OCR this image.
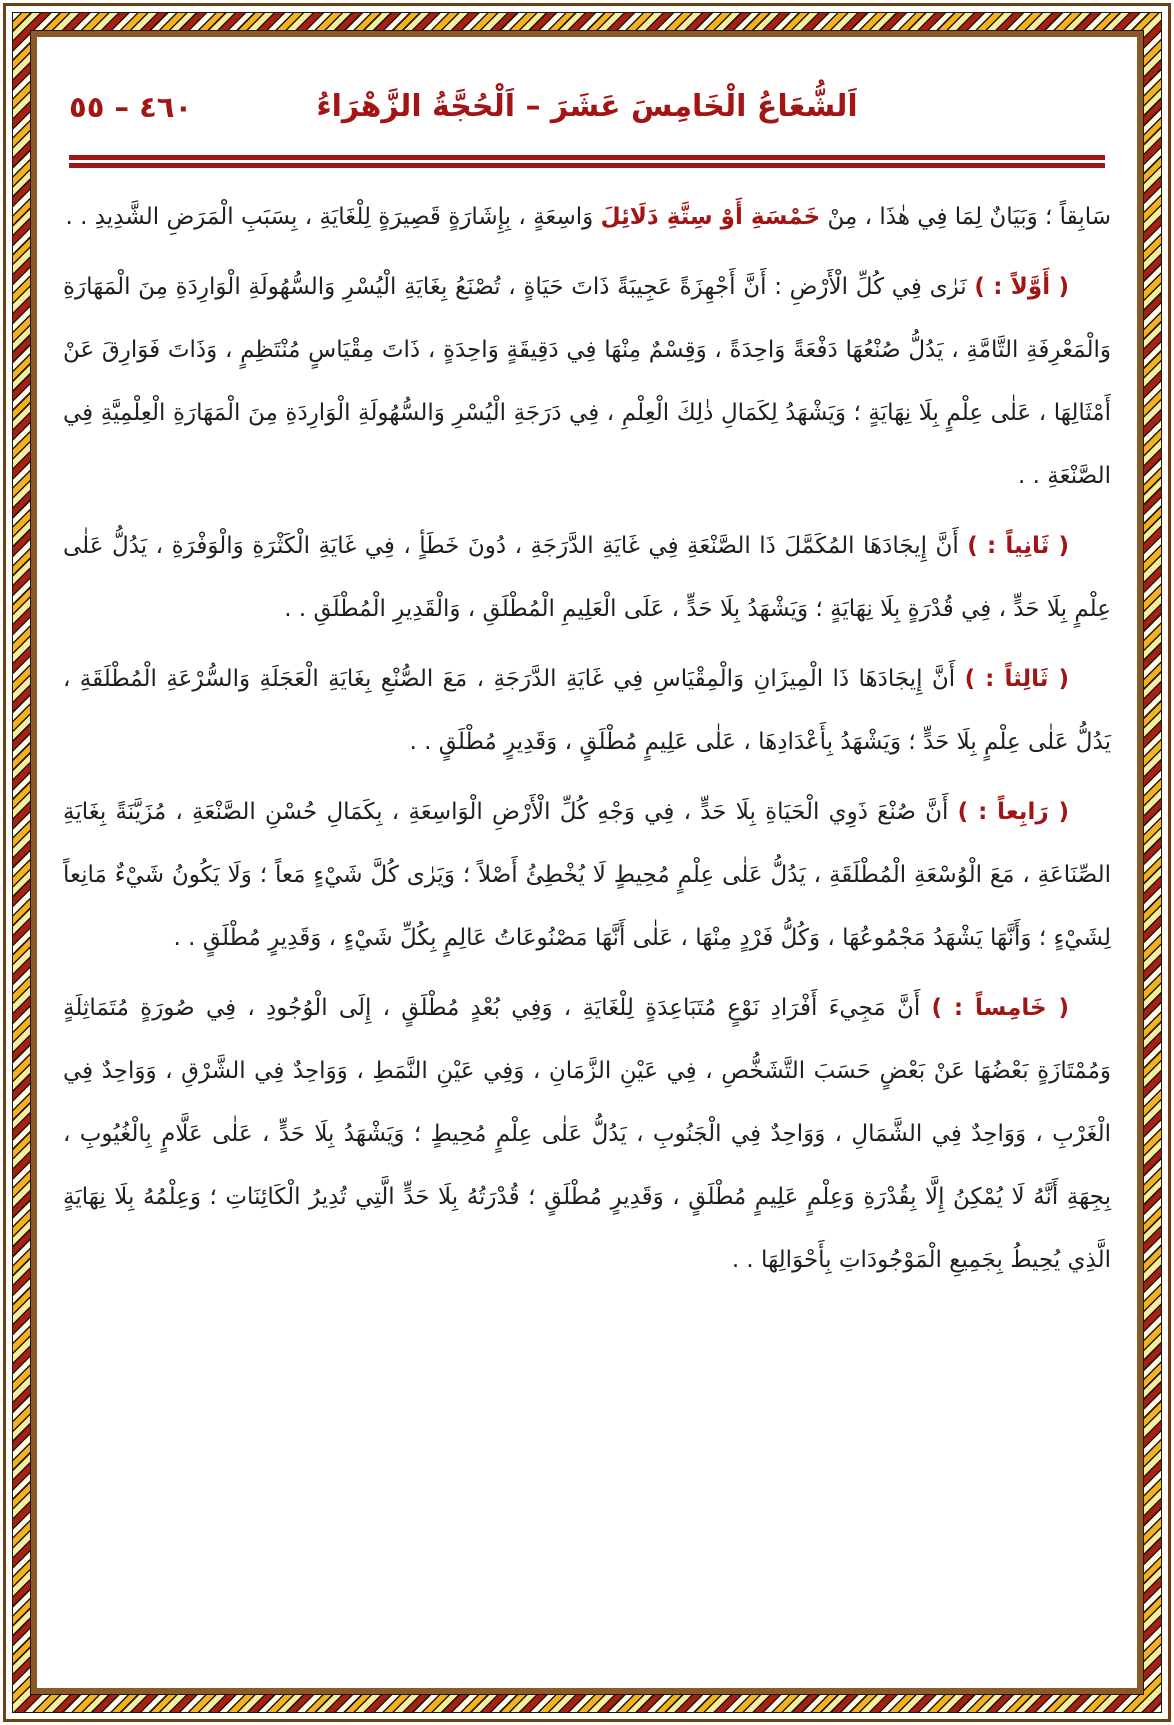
اَلشُّعَاعُ الْخَامِسَ عَشَرَ – اَلْحُجَّةُ الزَّهْرَاءُ
٤٦٠ – ٥٥

سَابِقاً ؛ وَبَيَانٌ لِمَا فِي هٰذَا ، مِنْ خَمْسَةِ أَوْ سِتَّةِ دَلَائِلَ وَاسِعَةٍ ، بِإِشَارَةٍ قَصِيرَةٍ لِلْغَايَةِ ، بِسَبَبِ الْمَرَضِ الشَّدِيدِ . .

( أَوَّلاً : ) نَرٰى فِي كُلِّ الْأَرْضِ : أَنَّ أَجْهِزَةً عَجِيبَةً ذَاتَ حَيَاةٍ ، تُصْنَعُ بِغَايَةِ الْيُسْرِ وَالسُّهُولَةِ الْوَارِدَةِ مِنَ الْمَهَارَةِ وَالْمَعْرِفَةِ التَّامَّةِ ، يَدُلُّ صُنْعُهَا دَفْعَةً وَاحِدَةً ، وَقِسْمٌ مِنْهَا فِي دَقِيقَةٍ وَاحِدَةٍ ، ذَاتَ مِقْيَاسٍ مُنْتَظِمٍ ، وَذَاتَ فَوَارِقَ عَنْ أَمْثَالِهَا ، عَلٰى عِلْمٍ بِلَا نِهَايَةٍ ؛ وَيَشْهَدُ لِكَمَالِ ذٰلِكَ الْعِلْمِ ، فِي دَرَجَةِ الْيُسْرِ وَالسُّهُولَةِ الْوَارِدَةِ مِنَ الْمَهَارَةِ الْعِلْمِيَّةِ فِي الصَّنْعَةِ . .

( ثَانِياً : ) أَنَّ إِيجَادَهَا المُكَمَّلَ ذَا الصَّنْعَةِ فِي غَايَةِ الدَّرَجَةِ ، دُونَ خَطَأٍ ، فِي غَايَةِ الْكَثْرَةِ وَالْوَفْرَةِ ، يَدُلُّ عَلٰى عِلْمٍ بِلَا حَدٍّ ، فِي قُدْرَةٍ بِلَا نِهَايَةٍ ؛ وَيَشْهَدُ بِلَا حَدٍّ ، عَلَى الْعَلِيمِ الْمُطْلَقِ ، وَالْقَدِيرِ الْمُطْلَقِ . .

( ثَالِثاً : ) أَنَّ إِيجَادَهَا ذَا الْمِيزَانِ وَالْمِقْيَاسِ فِي غَايَةِ الدَّرَجَةِ ، مَعَ الصُّنْعِ بِغَايَةِ الْعَجَلَةِ وَالسُّرْعَةِ الْمُطْلَقَةِ ، يَدُلُّ عَلٰى عِلْمٍ بِلَا حَدٍّ ؛ وَيَشْهَدُ بِأَعْدَادِهَا ، عَلٰى عَلِيمٍ مُطْلَقٍ ، وَقَدِيرٍ مُطْلَقٍ . .

( رَابِعاً : ) أَنَّ صُنْعَ ذَوِي الْحَيَاةِ بِلَا حَدٍّ ، فِي وَجْهِ كُلِّ الْأَرْضِ الْوَاسِعَةِ ، بِكَمَالِ حُسْنِ الصَّنْعَةِ ، مُزَيَّنَةً بِغَايَةِ الصِّنَاعَةِ ، مَعَ الْوُسْعَةِ الْمُطْلَقَةِ ، يَدُلُّ عَلٰى عِلْمٍ مُحِيطٍ لَا يُخْطِئُ أَصْلاً ؛ وَيَرٰى كُلَّ شَيْءٍ مَعاً ؛ وَلَا يَكُونُ شَيْءٌ مَانِعاً لِشَيْءٍ ؛ وَأَنَّهَا يَشْهَدُ مَجْمُوعُهَا ، وَكُلُّ فَرْدٍ مِنْهَا ، عَلٰى أَنَّهَا مَصْنُوعَاتُ عَالِمٍ بِكُلِّ شَيْءٍ ، وَقَدِيرٍ مُطْلَقٍ . .

( خَامِساً : ) أَنَّ مَجِيءَ أَفْرَادِ نَوْعٍ مُتَبَاعِدَةٍ لِلْغَايَةِ ، وَفِي بُعْدٍ مُطْلَقٍ ، إِلَى الْوُجُودِ ، فِي صُورَةٍ مُتَمَاثِلَةٍ وَمُمْتَازَةٍ بَعْضُهَا عَنْ بَعْضٍ حَسَبَ التَّشَخُّصِ ، فِي عَيْنِ الزَّمَانِ ، وَفِي عَيْنِ النَّمَطِ ، وَوَاحِدٌ فِي الشَّرْقِ ، وَوَاحِدٌ فِي الْغَرْبِ ، وَوَاحِدٌ فِي الشَّمَالِ ، وَوَاحِدٌ فِي الْجَنُوبِ ، يَدُلُّ عَلٰى عِلْمٍ مُحِيطٍ ؛ وَيَشْهَدُ بِلَا حَدٍّ ، عَلٰى عَلَّامٍ بِالْغُيُوبِ ، بِجِهَةِ أَنَّهُ لَا يُمْكِنُ إِلَّا بِقُدْرَةِ وَعِلْمٍ عَلِيمٍ مُطْلَقٍ ، وَقَدِيرٍ مُطْلَقٍ ؛ قُدْرَتُهُ بِلَا حَدٍّ الَّتِي تُدِيرُ الْكَائِنَاتِ ؛ وَعِلْمُهُ بِلَا نِهَايَةٍ الَّذِي يُحِيطُ بِجَمِيعِ الْمَوْجُودَاتِ بِأَحْوَالِهَا . .
